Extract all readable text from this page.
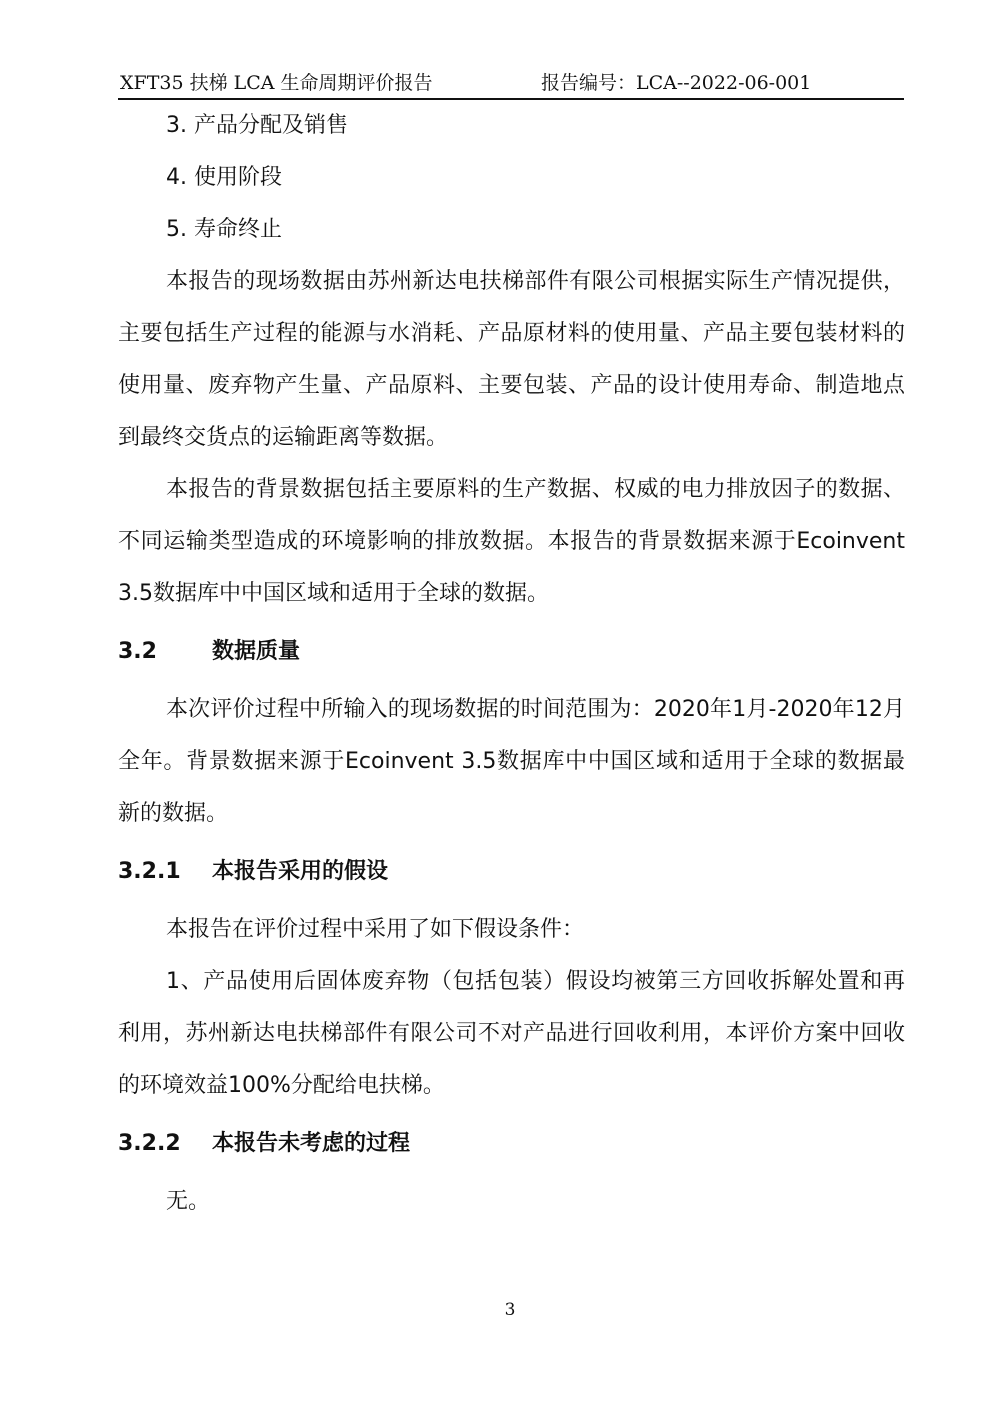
XFT35 扶梯 LCA 生命周期评价报告	报告编号：LCA--2022-06-001
3. 产品分配及销售
4. 使用阶段
5. 寿命终止

本报告的现场数据由苏州新达电扶梯部件有限公司根据实际生产情况提供，主要包括生产过程的能源与水消耗、产品原材料的使用量、产品主要包装材料的使用量、废弃物产生量、产品原料、主要包装、产品的设计使用寿命、制造地点到最终交货点的运输距离等数据。

本报告的背景数据包括主要原料的生产数据、权威的电力排放因子的数据、不同运输类型造成的环境影响的排放数据。本报告的背景数据来源于Ecoinvent 3.5数据库中中国区域和适用于全球的数据。

3.2	数据质量

本次评价过程中所输入的现场数据的时间范围为：2020年1月-2020年12月全年。背景数据来源于Ecoinvent 3.5数据库中中国区域和适用于全球的数据最新的数据。

3.2.1 本报告采用的假设

本报告在评价过程中采用了如下假设条件：

1、产品使用后固体废弃物（包括包装）假设均被第三方回收拆解处置和再利用，苏州新达电扶梯部件有限公司不对产品进行回收利用，本评价方案中回收的环境效益100%分配给电扶梯。

3.2.2 本报告未考虑的过程

无。

3
